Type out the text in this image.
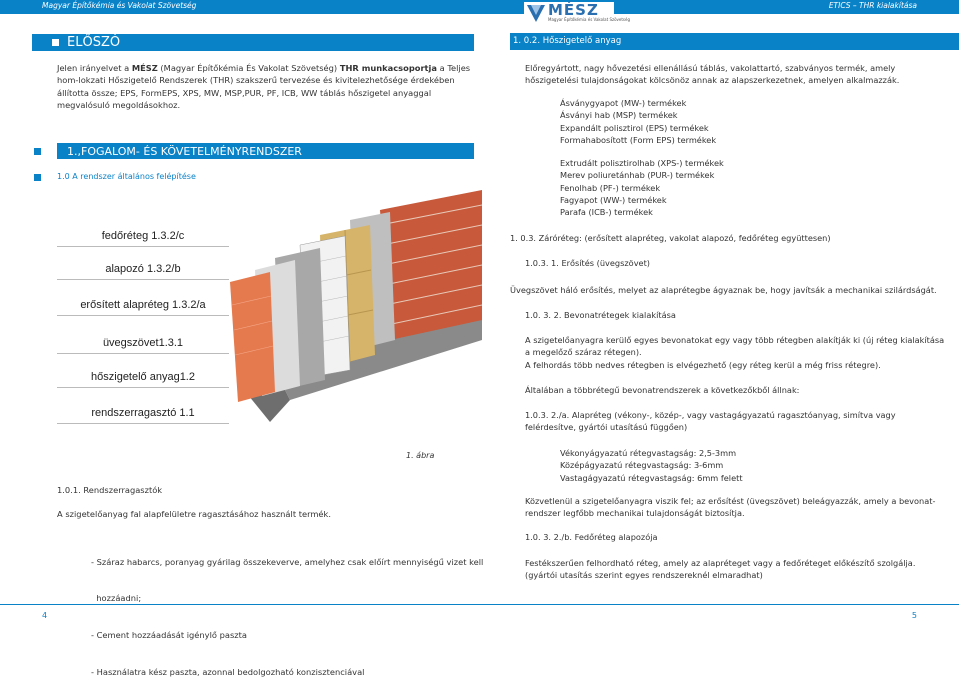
Magyar Építőkémia és Vakolat Szövetség	ETICS – THR kialakítása
MÉSZ
Magyar Építőkémia és Vakolat Szövetség
ELŐSZÓ
Jelen irányelvet a MÉSZ (Magyar Építőkémia És Vakolat Szövetség) THR munkacsoportja a Teljes hom-lokzati Hőszigetelő Rendszerek (THR) szakszerű tervezése és kivitelezhetősége érdekében állította össze; EPS, FormEPS, XPS, MW, MSP,PUR, PF, ICB, WW táblás hőszigetel anyaggal megvalósuló megoldásokhoz.
1.,FOGALOM- ÉS KÖVETELMÉNYRENDSZER
1.0 A rendszer általános felépítése
fedőréteg 1.3.2/c
alapozó 1.3.2/b
erősített alapréteg 1.3.2/a
üvegszövet1.3.1
hőszigetelő anyag1.2
rendszerragasztó 1.1
1. ábra
1.0.1. Rendszerragasztók
A szigetelőanyag fal alapfelületre ragasztásához használt termék.

- Száraz habarcs, poranyag gyárilag összekeverve, amelyhez csak előírt mennyiségű vizet kell

hozzáadni;

- Cement hozzáadását igénylő paszta

- Használatra kész paszta, azonnal bedolgozható konzisztenciával

1. 0.2. Hőszigetelő anyag
Előregyártott, nagy hővezetési ellenállású táblás, vakolattartó, szabványos termék, amely hőszigetelési tulajdonságokat kölcsönöz annak az alapszerkezetnek, amelyen alkalmazzák.
Ásványgyapot (MW-) termékek
Ásványi hab (MSP) termékek
Expandált polisztirol (EPS) termékek
Formahabosított (Form EPS) termékek
Extrudált polisztirolhab (XPS-) termékek
Merev poliuretánhab (PUR-) termékek
Fenolhab (PF-) termékek
Fagyapot (WW-) termékek
Parafa (ICB-) termékek
1. 0.3. Záróréteg: (erősített alapréteg, vakolat alapozó, fedőréteg együttesen)
1.0.3. 1. Erősítés (üvegszövet)
Üvegszövet háló erősítés, melyet az alaprétegbe ágyaznak be, hogy javítsák a mechanikai szilárdságát.
1.0. 3. 2. Bevonatrétegek kialakítása
A szigetelőanyagra kerülő egyes bevonatokat egy vagy több rétegben alakítják ki (új réteg kialakítása a megelőző száraz rétegen).
A felhordás több nedves rétegben is elvégezhető (egy réteg kerül a még friss rétegre).
Általában a többrétegű bevonatrendszerek a következőkből állnak:
1.0.3. 2./a. Alapréteg (vékony-, közép-, vagy vastagágyazatú ragasztóanyag, simítva vagy felérdesítve, gyártói utasítású függően)
Vékonyágyazatú rétegvastagság: 2,5-3mm
Középágyazatú rétegvastagság: 3-6mm
Vastagágyazatú rétegvastagság: 6mm felett
Közvetlenül a szigetelőanyagra viszik fel; az erősítést (üvegszövet) beleágyazzák, amely a bevonat-rendszer legfőbb mechanikai tulajdonságát biztosítja.
1.0. 3. 2./b. Fedőréteg alapozója
Festékszerűen felhordható réteg, amely az alapréteget vagy a fedőréteget előkészítő szolgálja. (gyártói utasítás szerint egyes rendszereknél elmaradhat)
4	5
